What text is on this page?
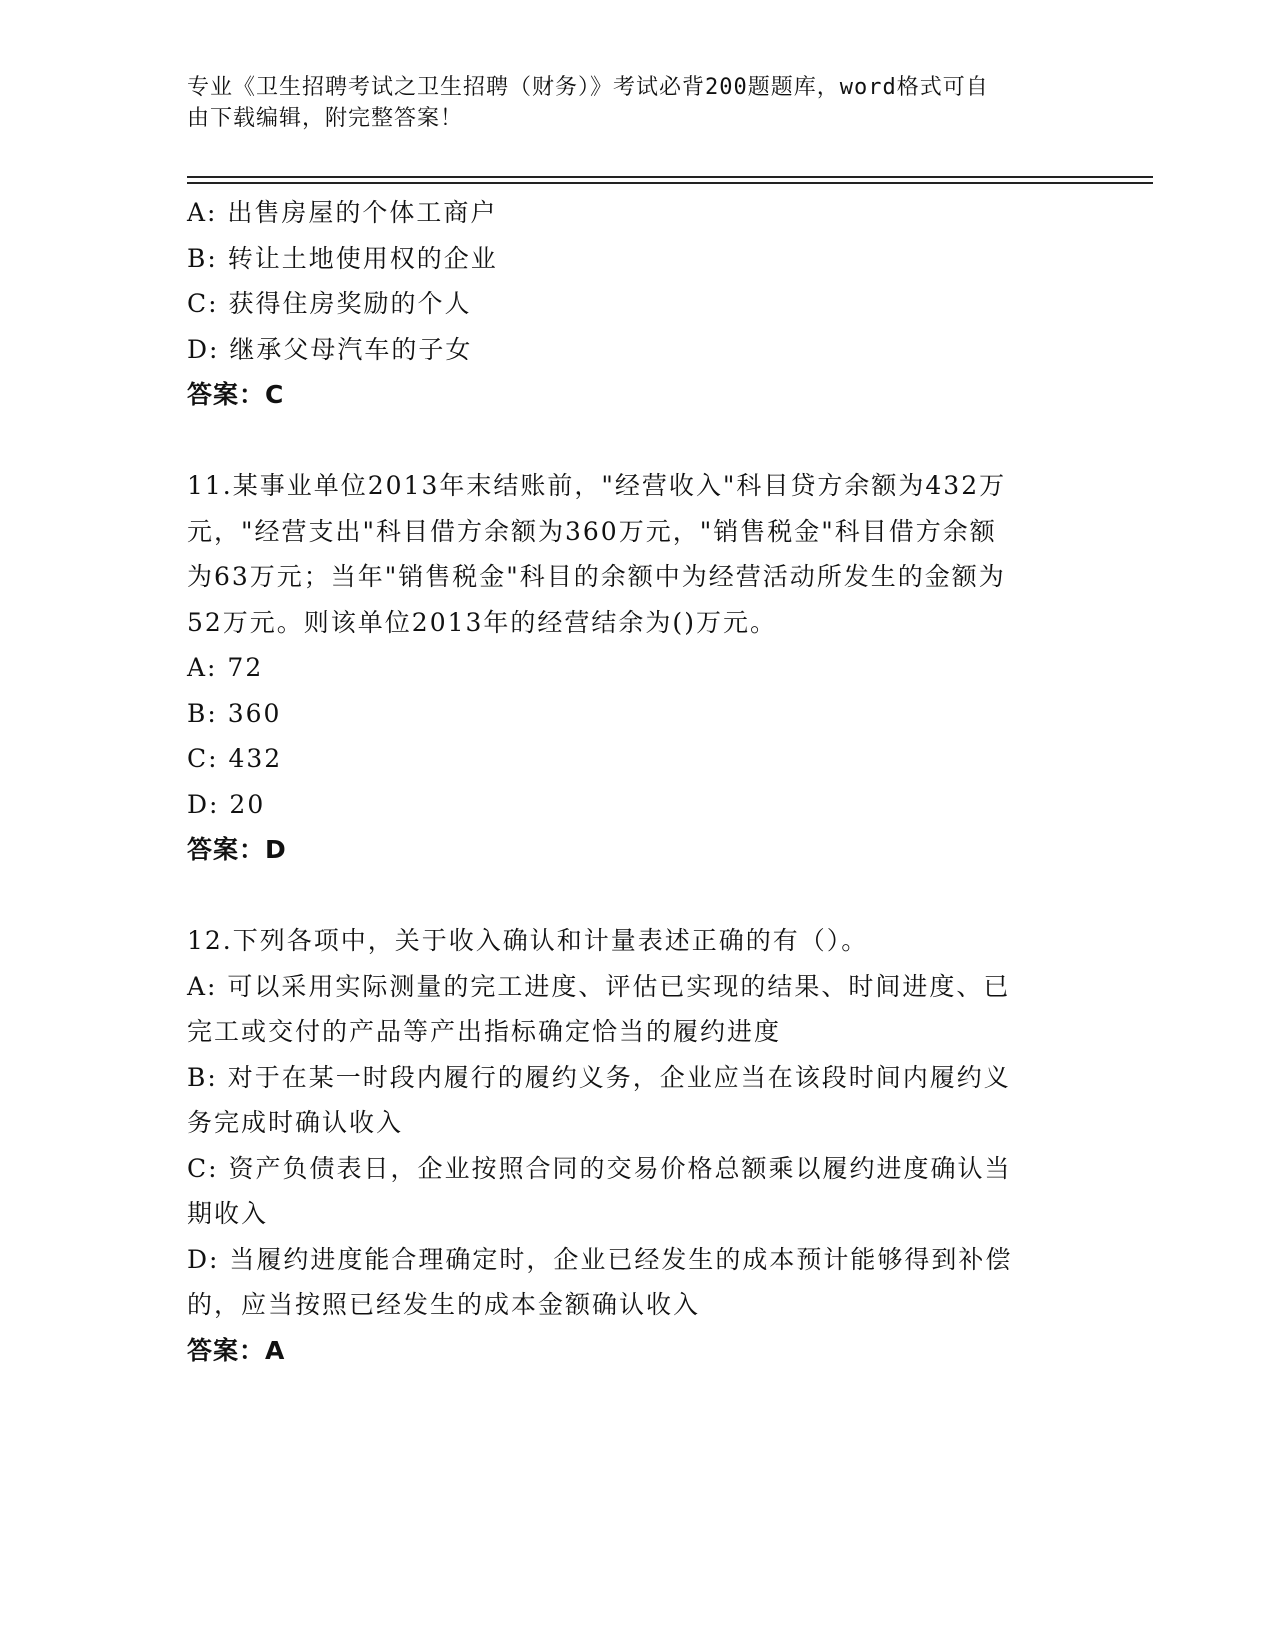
专业《卫生招聘考试之卫生招聘（财务）》考试必背200题题库，word格式可自
由下载编辑，附完整答案！
A: 出售房屋的个体工商户
B: 转让土地使用权的企业
C: 获得住房奖励的个人
D: 继承父母汽车的子女
答案：C
11.某事业单位2013年末结账前，"经营收入"科目贷方余额为432万
元，"经营支出"科目借方余额为360万元，"销售税金"科目借方余额
为63万元；当年"销售税金"科目的余额中为经营活动所发生的金额为
52万元。则该单位2013年的经营结余为()万元。
A: 72
B: 360
C: 432
D: 20
答案：D
12.下列各项中，关于收入确认和计量表述正确的有（）。
A: 可以采用实际测量的完工进度、评估已实现的结果、时间进度、已
完工或交付的产品等产出指标确定恰当的履约进度
B: 对于在某一时段内履行的履约义务，企业应当在该段时间内履约义
务完成时确认收入
C: 资产负债表日，企业按照合同的交易价格总额乘以履约进度确认当
期收入
D: 当履约进度能合理确定时，企业已经发生的成本预计能够得到补偿
的，应当按照已经发生的成本金额确认收入
答案：A
